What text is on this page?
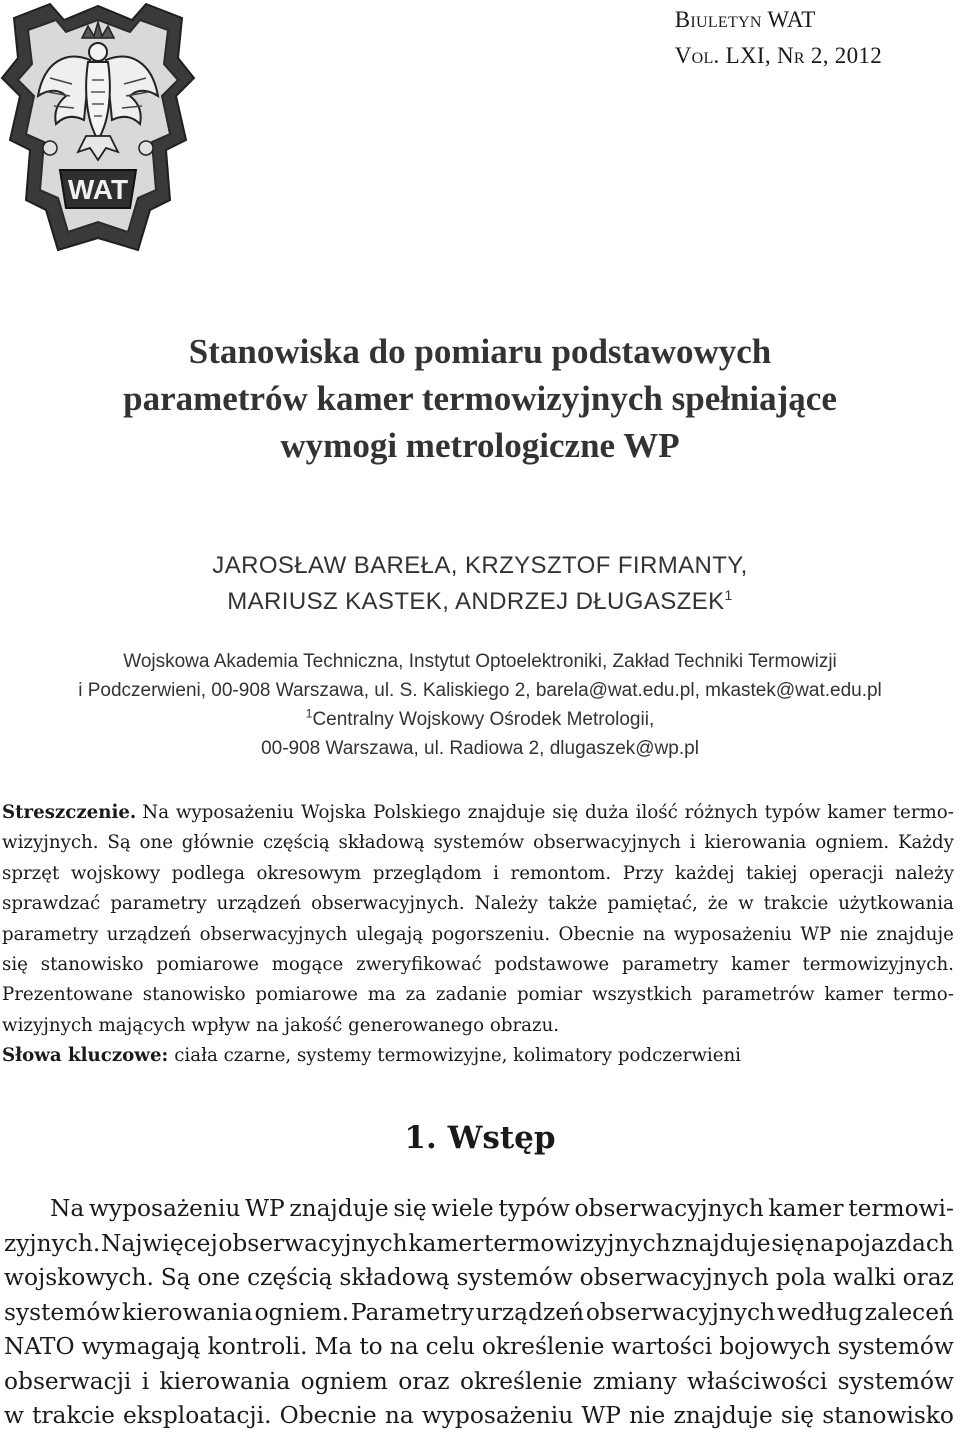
WAT
Biuletyn WAT
Vol. LXI, Nr 2, 2012
Stanowiska do pomiaru podstawowych
parametrów kamer termowizyjnych spełniające
wymogi metrologiczne WP
JAROSŁAW BAREŁA, KRZYSZTOF FIRMANTY,
MARIUSZ KASTEK, ANDRZEJ DŁUGASZEK$^1$
Wojskowa Akademia Techniczna, Instytut Optoelektroniki, Zakład Techniki Termowizji
i Podczerwieni, 00-908 Warszawa, ul. S. Kaliskiego 2, barela@wat.edu.pl, mkastek@wat.edu.pl
$^1$Centralny Wojskowy Ośrodek Metrologii,
00-908 Warszawa, ul. Radiowa 2, dlugaszek@wp.pl
Streszczenie. Na wyposażeniu Wojska Polskiego znajduje się duża ilość różnych typów kamer termo-
wizyjnych. Są one głównie częścią składową systemów obserwacyjnych i kierowania ogniem. Każdy
sprzęt wojskowy podlega okresowym przeglądom i remontom. Przy każdej takiej operacji należy
sprawdzać parametry urządzeń obserwacyjnych. Należy także pamiętać, że w trakcie użytkowania
parametry urządzeń obserwacyjnych ulegają pogorszeniu. Obecnie na wyposażeniu WP nie znajduje
się stanowisko pomiarowe mogące zweryfikować podstawowe parametry kamer termowizyjnych.
Prezentowane stanowisko pomiarowe ma za zadanie pomiar wszystkich parametrów kamer termo-
wizyjnych mających wpływ na jakość generowanego obrazu.
Słowa kluczowe: ciała czarne, systemy termowizyjne, kolimatory podczerwieni
1. Wstęp
Na wyposażeniu WP znajduje się wiele typów obserwacyjnych kamer termowi-
zyjnych. Najwięcej obserwacyjnych kamer termowizyjnych znajduje się na pojazdach
wojskowych. Są one częścią składową systemów obserwacyjnych pola walki oraz
systemów kierowania ogniem. Parametry urządzeń obserwacyjnych według zaleceń
NATO wymagają kontroli. Ma to na celu określenie wartości bojowych systemów
obserwacji i kierowania ogniem oraz określenie zmiany właściwości systemów
w trakcie eksploatacji. Obecnie na wyposażeniu WP nie znajduje się stanowisko
